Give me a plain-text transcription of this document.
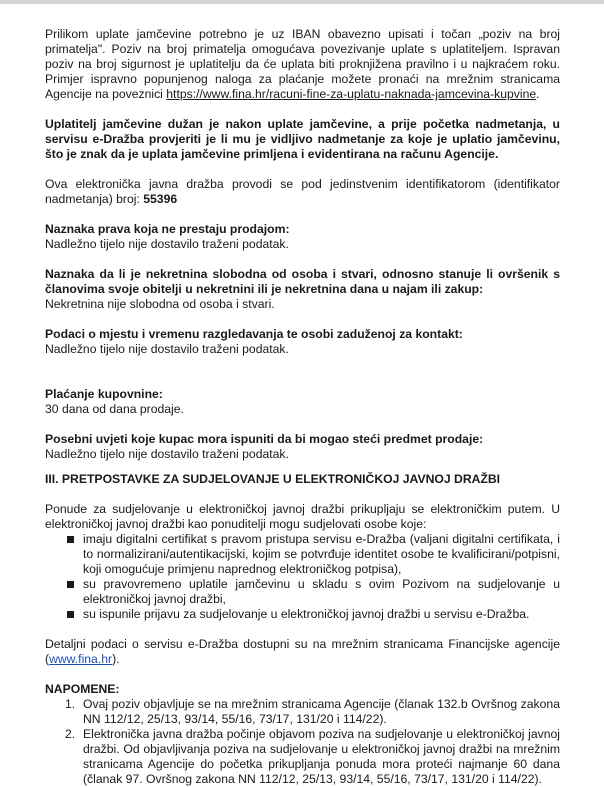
Prilikom uplate jamčevine potrebno je uz IBAN obavezno upisati i točan „poziv na broj primatelja". Poziv na broj primatelja omogućava povezivanje uplate s uplatiteljem. Ispravan poziv na broj sigurnost je uplatitelju da će uplata biti proknjižena pravilno i u najkraćem roku. Primjer ispravno popunjenog naloga za plaćanje možete pronaći na mrežnim stranicama Agencije na poveznici https://www.fina.hr/racuni-fine-za-uplatu-naknada-jamcevina-kupvine.

Uplatitelj jamčevine dužan je nakon uplate jamčevine, a prije početka nadmetanja, u servisu e-Dražba provjeriti je li mu je vidljivo nadmetanje za koje je uplatio jamčevinu, što je znak da je uplata jamčevine primljena i evidentirana na računu Agencije.

Ova elektronička javna dražba provodi se pod jedinstvenim identifikatorom (identifikator nadmetanja) broj: 55396

Naznaka prava koja ne prestaju prodajom:

Nadležno tijelo nije dostavilo traženi podatak.

Naznaka da li je nekretnina slobodna od osoba i stvari, odnosno stanuje li ovršenik s članovima svoje obitelji u nekretnini ili je nekretnina dana u najam ili zakup:

Nekretnina nije slobodna od osoba i stvari.

Podaci o mjestu i vremenu razgledavanja te osobi zaduženoj za kontakt:

Nadležno tijelo nije dostavilo traženi podatak.

Plaćanje kupovnine:

30 dana od dana prodaje.

Posebni uvjeti koje kupac mora ispuniti da bi mogao steći predmet prodaje:

Nadležno tijelo nije dostavilo traženi podatak.

III. PRETPOSTAVKE ZA SUDJELOVANJE U ELEKTRONIČKOJ JAVNOJ DRAŽBI

Ponude za sudjelovanje u elektroničkoj javnoj dražbi prikupljaju se elektroničkim putem. U elektroničkoj javnoj dražbi kao ponuditelji mogu sudjelovati osobe koje:

imaju digitalni certifikat s pravom pristupa servisu e-Dražba (valjani digitalni certifikata, i to normalizirani/autentikacijski, kojim se potvrđuje identitet osobe te kvalificirani/potpisni, koji omogućuje primjenu naprednog elektroničkog potpisa),
su pravovremeno uplatile jamčevinu u skladu s ovim Pozivom na sudjelovanje u elektroničkoj javnoj dražbi,
su ispunile prijavu za sudjelovanje u elektroničkoj javnoj dražbi u servisu e-Dražba.

Detaljni podaci o servisu e-Dražba dostupni su na mrežnim stranicama Financijske agencije (www.fina.hr).

NAPOMENE:

1. Ovaj poziv objavljuje se na mrežnim stranicama Agencije (članak 132.b Ovršnog zakona NN 112/12, 25/13, 93/14, 55/16, 73/17, 131/20 i 114/22).
2. Elektronička javna dražba počinje objavom poziva na sudjelovanje u elektroničkoj javnoj dražbi. Od objavljivanja poziva na sudjelovanje u elektroničkoj javnoj dražbi na mrežnim stranicama Agencije do početka prikupljanja ponuda mora proteći najmanje 60 dana (članak 97. Ovršnog zakona NN 112/12, 25/13, 93/14, 55/16, 73/17, 131/20 i 114/22).
